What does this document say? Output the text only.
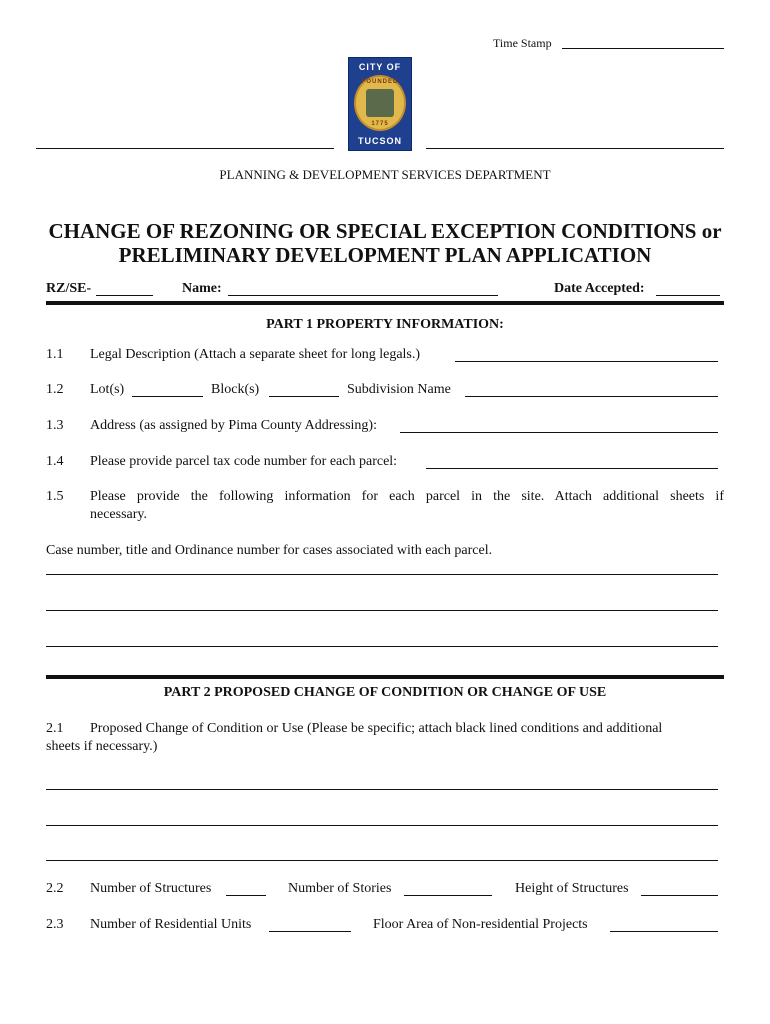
Time Stamp
CITY OF
FOUNDED
1775
TUCSON
PLANNING & DEVELOPMENT SERVICES DEPARTMENT
CHANGE OF REZONING OR SPECIAL EXCEPTION CONDITIONS or
PRELIMINARY DEVELOPMENT PLAN APPLICATION
RZ/SE-	Name:	Date Accepted:
PART 1 PROPERTY INFORMATION:
1.1 Legal Description (Attach a separate sheet for long legals.)
1.2 Lot(s)	Block(s)	Subdivision Name
1.3 Address (as assigned by Pima County Addressing):
1.4 Please provide parcel tax code number for each parcel:
1.5 Please provide the following information for each parcel in the site. Attach additional sheets if
necessary.
Case number, title and Ordinance number for cases associated with each parcel.
PART 2 PROPOSED CHANGE OF CONDITION OR CHANGE OF USE
2.1 Proposed Change of Condition or Use (Please be specific; attach black lined conditions and additional
sheets if necessary.)
2.2 Number of Structures	Number of Stories	Height of Structures
2.3 Number of Residential Units	Floor Area of Non-residential Projects
